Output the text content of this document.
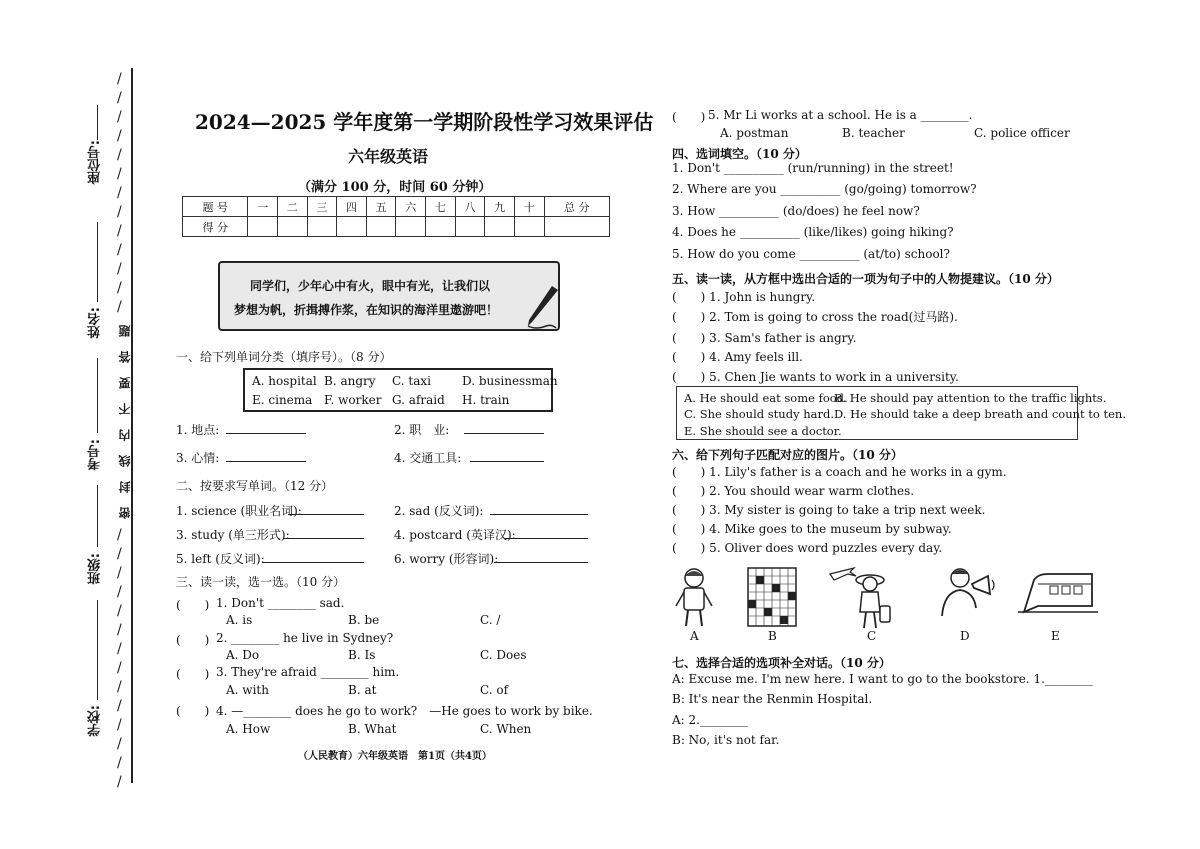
/
/
/
/
/
/
/
/
/
/
/
/
/
/
/
/
/
/
/
/
/
/
/
/
/
/
/
座位号:
姓名:
考号:
班级:
学校:
题
答
要
不
内
线
封
密
2024—2025 学年度第一学期阶段性学习效果评估
六年级英语
（满分 100 分，时间 60 分钟）
题 号	一	二	三	四	五	六	七	八	九	十	总 分
得 分											
同学们，少年心中有火，眼中有光，让我们以
梦想为帆，折揖搏作浆，在知识的海洋里遨游吧！
一、给下列单词分类（填序号）。（8 分）
A. hospital B. angry C. taxi	D. businessman
E. cinema F. worker G. afraid H. train
1. 地点:	2. 职　业:
3. 心情:	4. 交通工具:
二、按要求写单词。（12 分）
1. science (职业名词):	2. sad (反义词):
3. study (单三形式):	4. postcard (英译汉):
5. left (反义词):	6. worry (形容词):
三、读一读，选一选。（10 分）
(　　) 1. Don't ________ sad.
A. is	B. be	C. /
(　　) 2. ________ he live in Sydney?
A. Do	B. Is	C. Does
(　　) 3. They're afraid ________ him.
A. with	B. at	C. of
(　　) 4. —________ does he go to work?　—He goes to work by bike.
A. How	B. What	C. When
（人民教育）六年级英语　第1页（共4页）
(　　) 5. Mr Li works at a school. He is a ________.
A. postman	B. teacher	C. police officer
四、选词填空。（10 分）
1. Don't __________ (run/running) in the street!
2. Where are you __________ (go/going) tomorrow?
3. How __________ (do/does) he feel now?
4. Does he __________ (like/likes) going hiking?
5. How do you come __________ (at/to) school?
五、读一读，从方框中选出合适的一项为句子中的人物提建议。（10 分）
(　　) 1. John is hungry.
(　　) 2. Tom is going to cross the road(过马路).
(　　) 3. Sam's father is angry.
(　　) 4. Amy feels ill.
(　　) 5. Chen Jie wants to work in a university.
A. He should eat some food.
B. He should pay attention to the traffic lights.
C. She should study hard. D. He should take a deep breath and count to ten.
E. She should see a doctor.
六、给下列句子匹配对应的图片。（10 分）
(　　) 1. Lily's father is a coach and he works in a gym.
(　　) 2. You should wear warm clothes.
(　　) 3. My sister is going to take a trip next week.
(　　) 4. Mike goes to the museum by subway.
(　　) 5. Oliver does word puzzles every day.
A	B	C	D	E
七、选择合适的选项补全对话。（10 分）
A: Excuse me. I'm new here. I want to go to the bookstore. 1.________
B: It's near the Renmin Hospital.
A: 2.________
B: No, it's not far.
